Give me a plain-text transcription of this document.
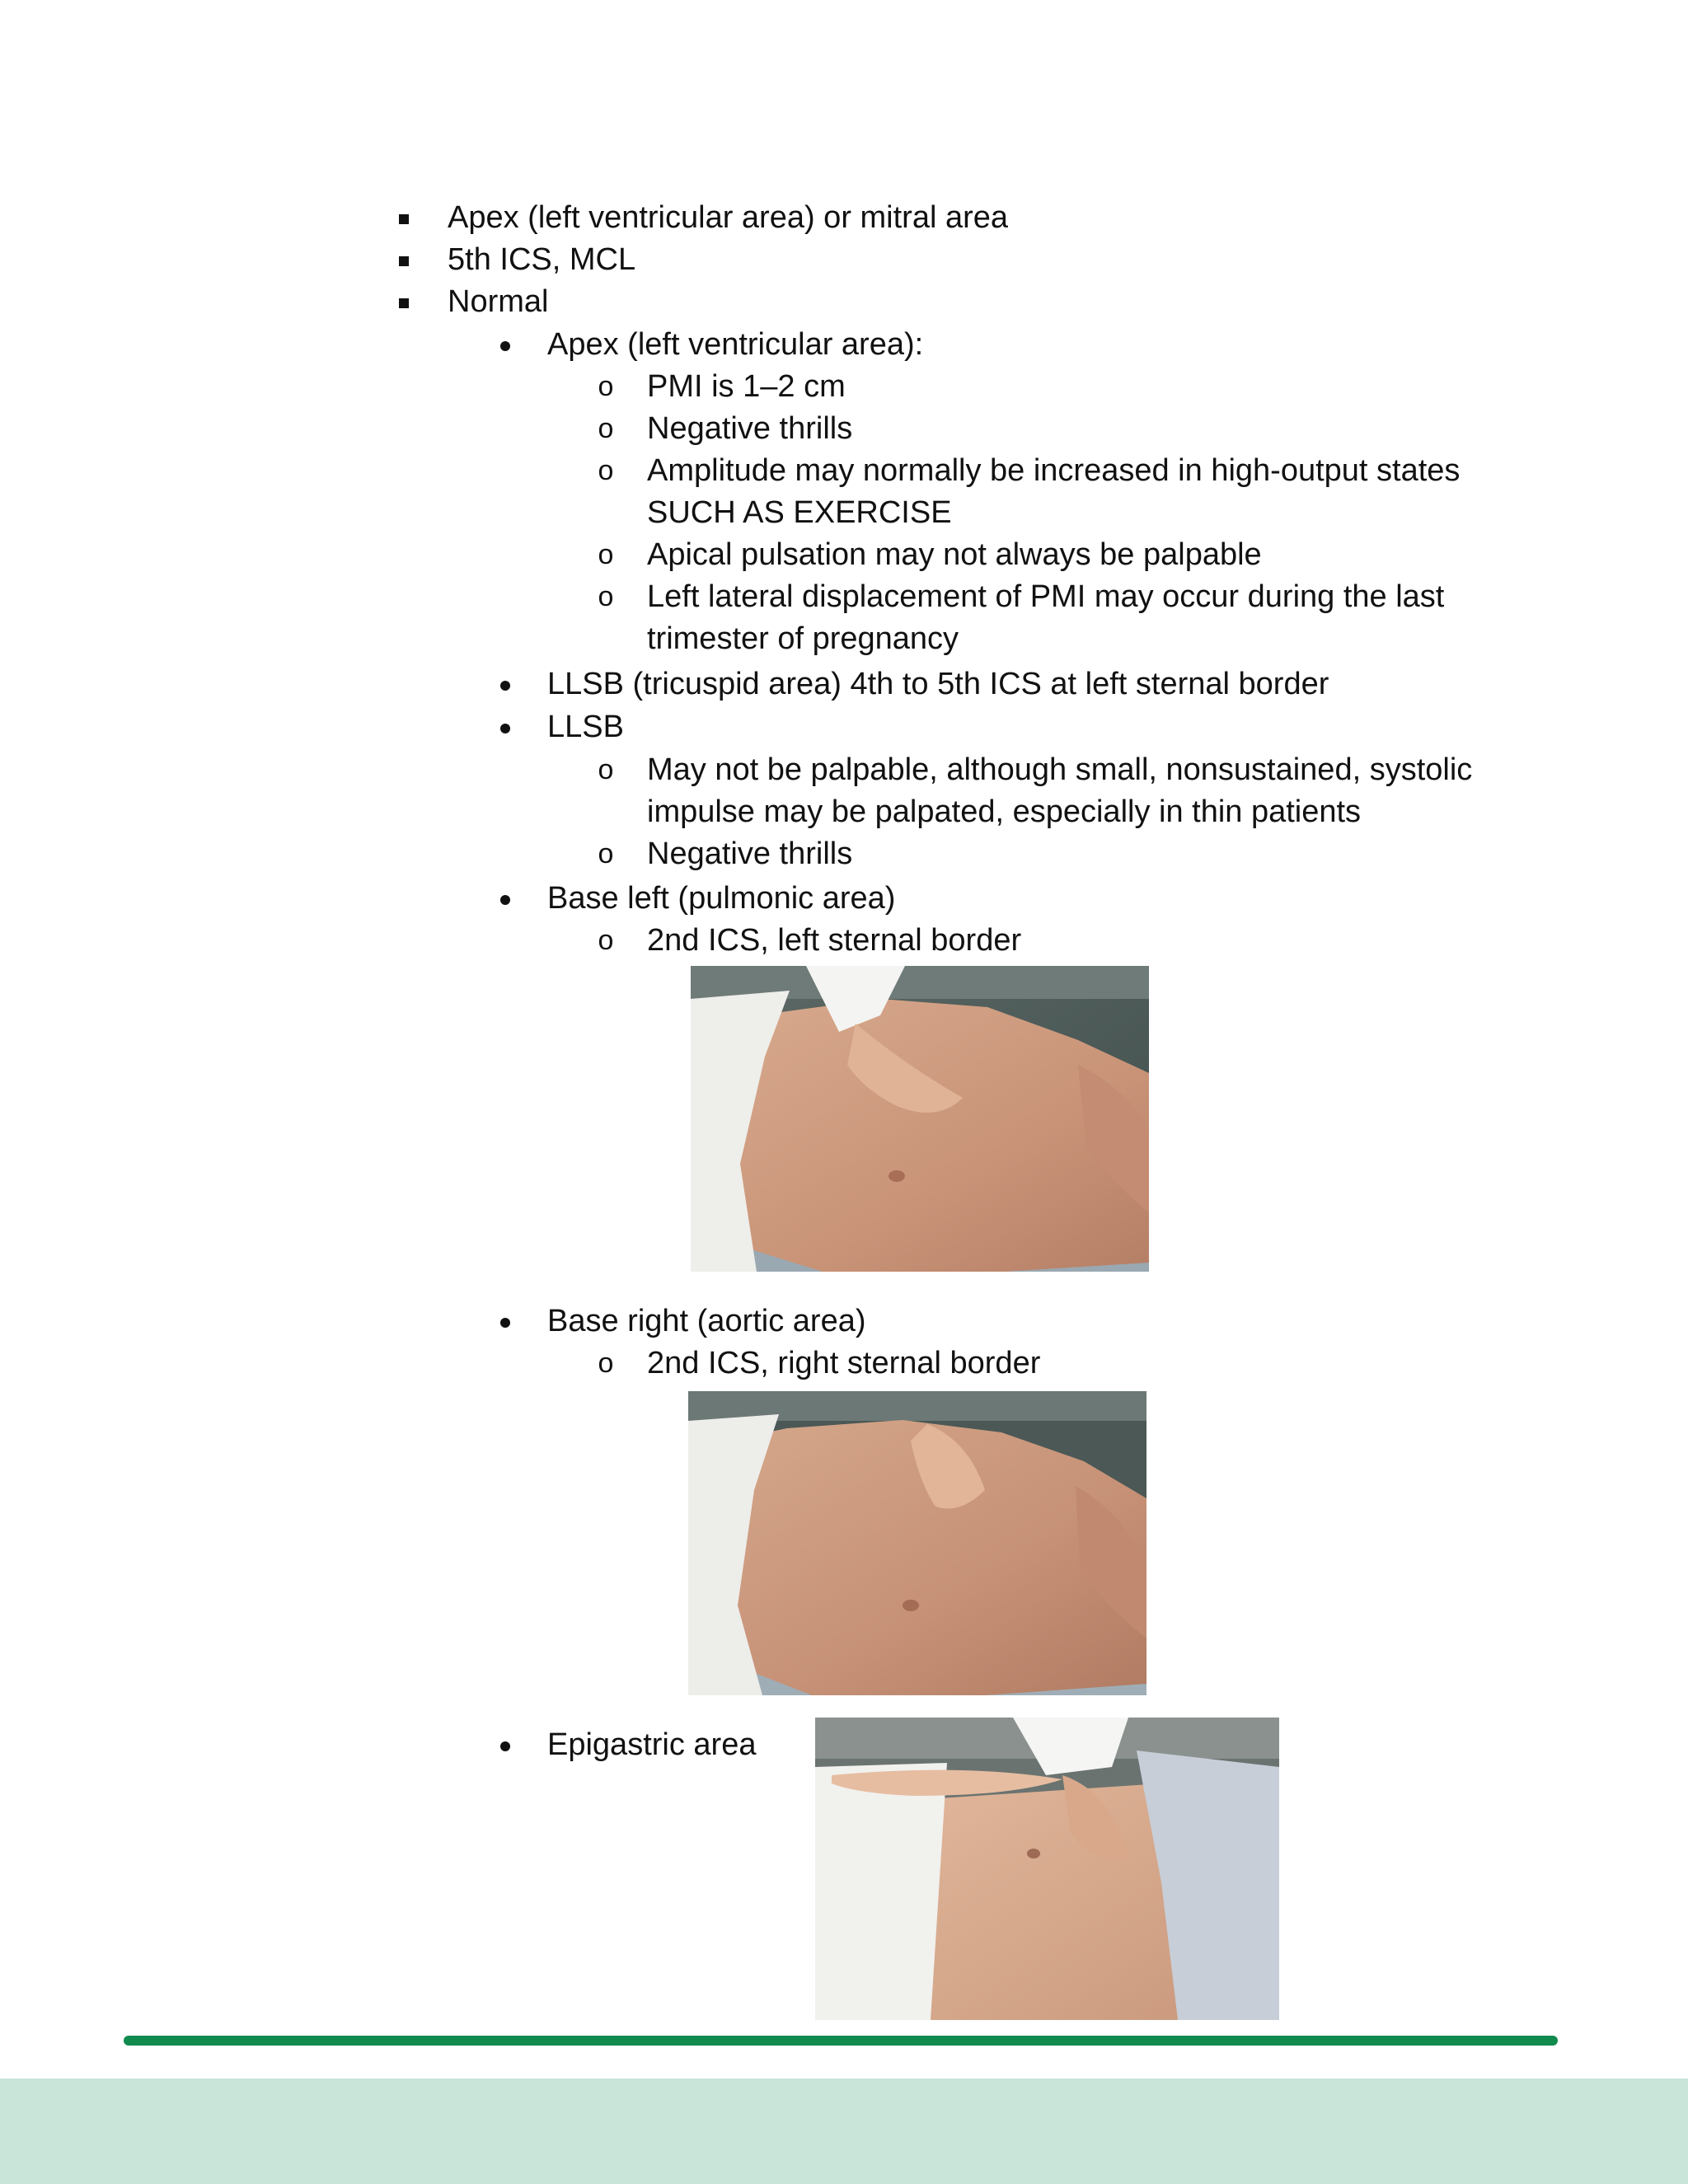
Apex (left ventricular area) or mitral area
5th ICS, MCL
Normal
Apex (left ventricular area):
o PMI is 1–2 cm
o Negative thrills
o Amplitude may normally be increased in high-output states
SUCH AS EXERCISE
o Apical pulsation may not always be palpable
o Left lateral displacement of PMI may occur during the last
trimester of pregnancy
LLSB (tricuspid area) 4th to 5th ICS at left sternal border
LLSB
o May not be palpable, although small, nonsustained, systolic
impulse may be palpated, especially in thin patients
o Negative thrills
Base left (pulmonic area)
o 2nd ICS, left sternal border
Base right (aortic area)
o 2nd ICS, right sternal border
Epigastric area
